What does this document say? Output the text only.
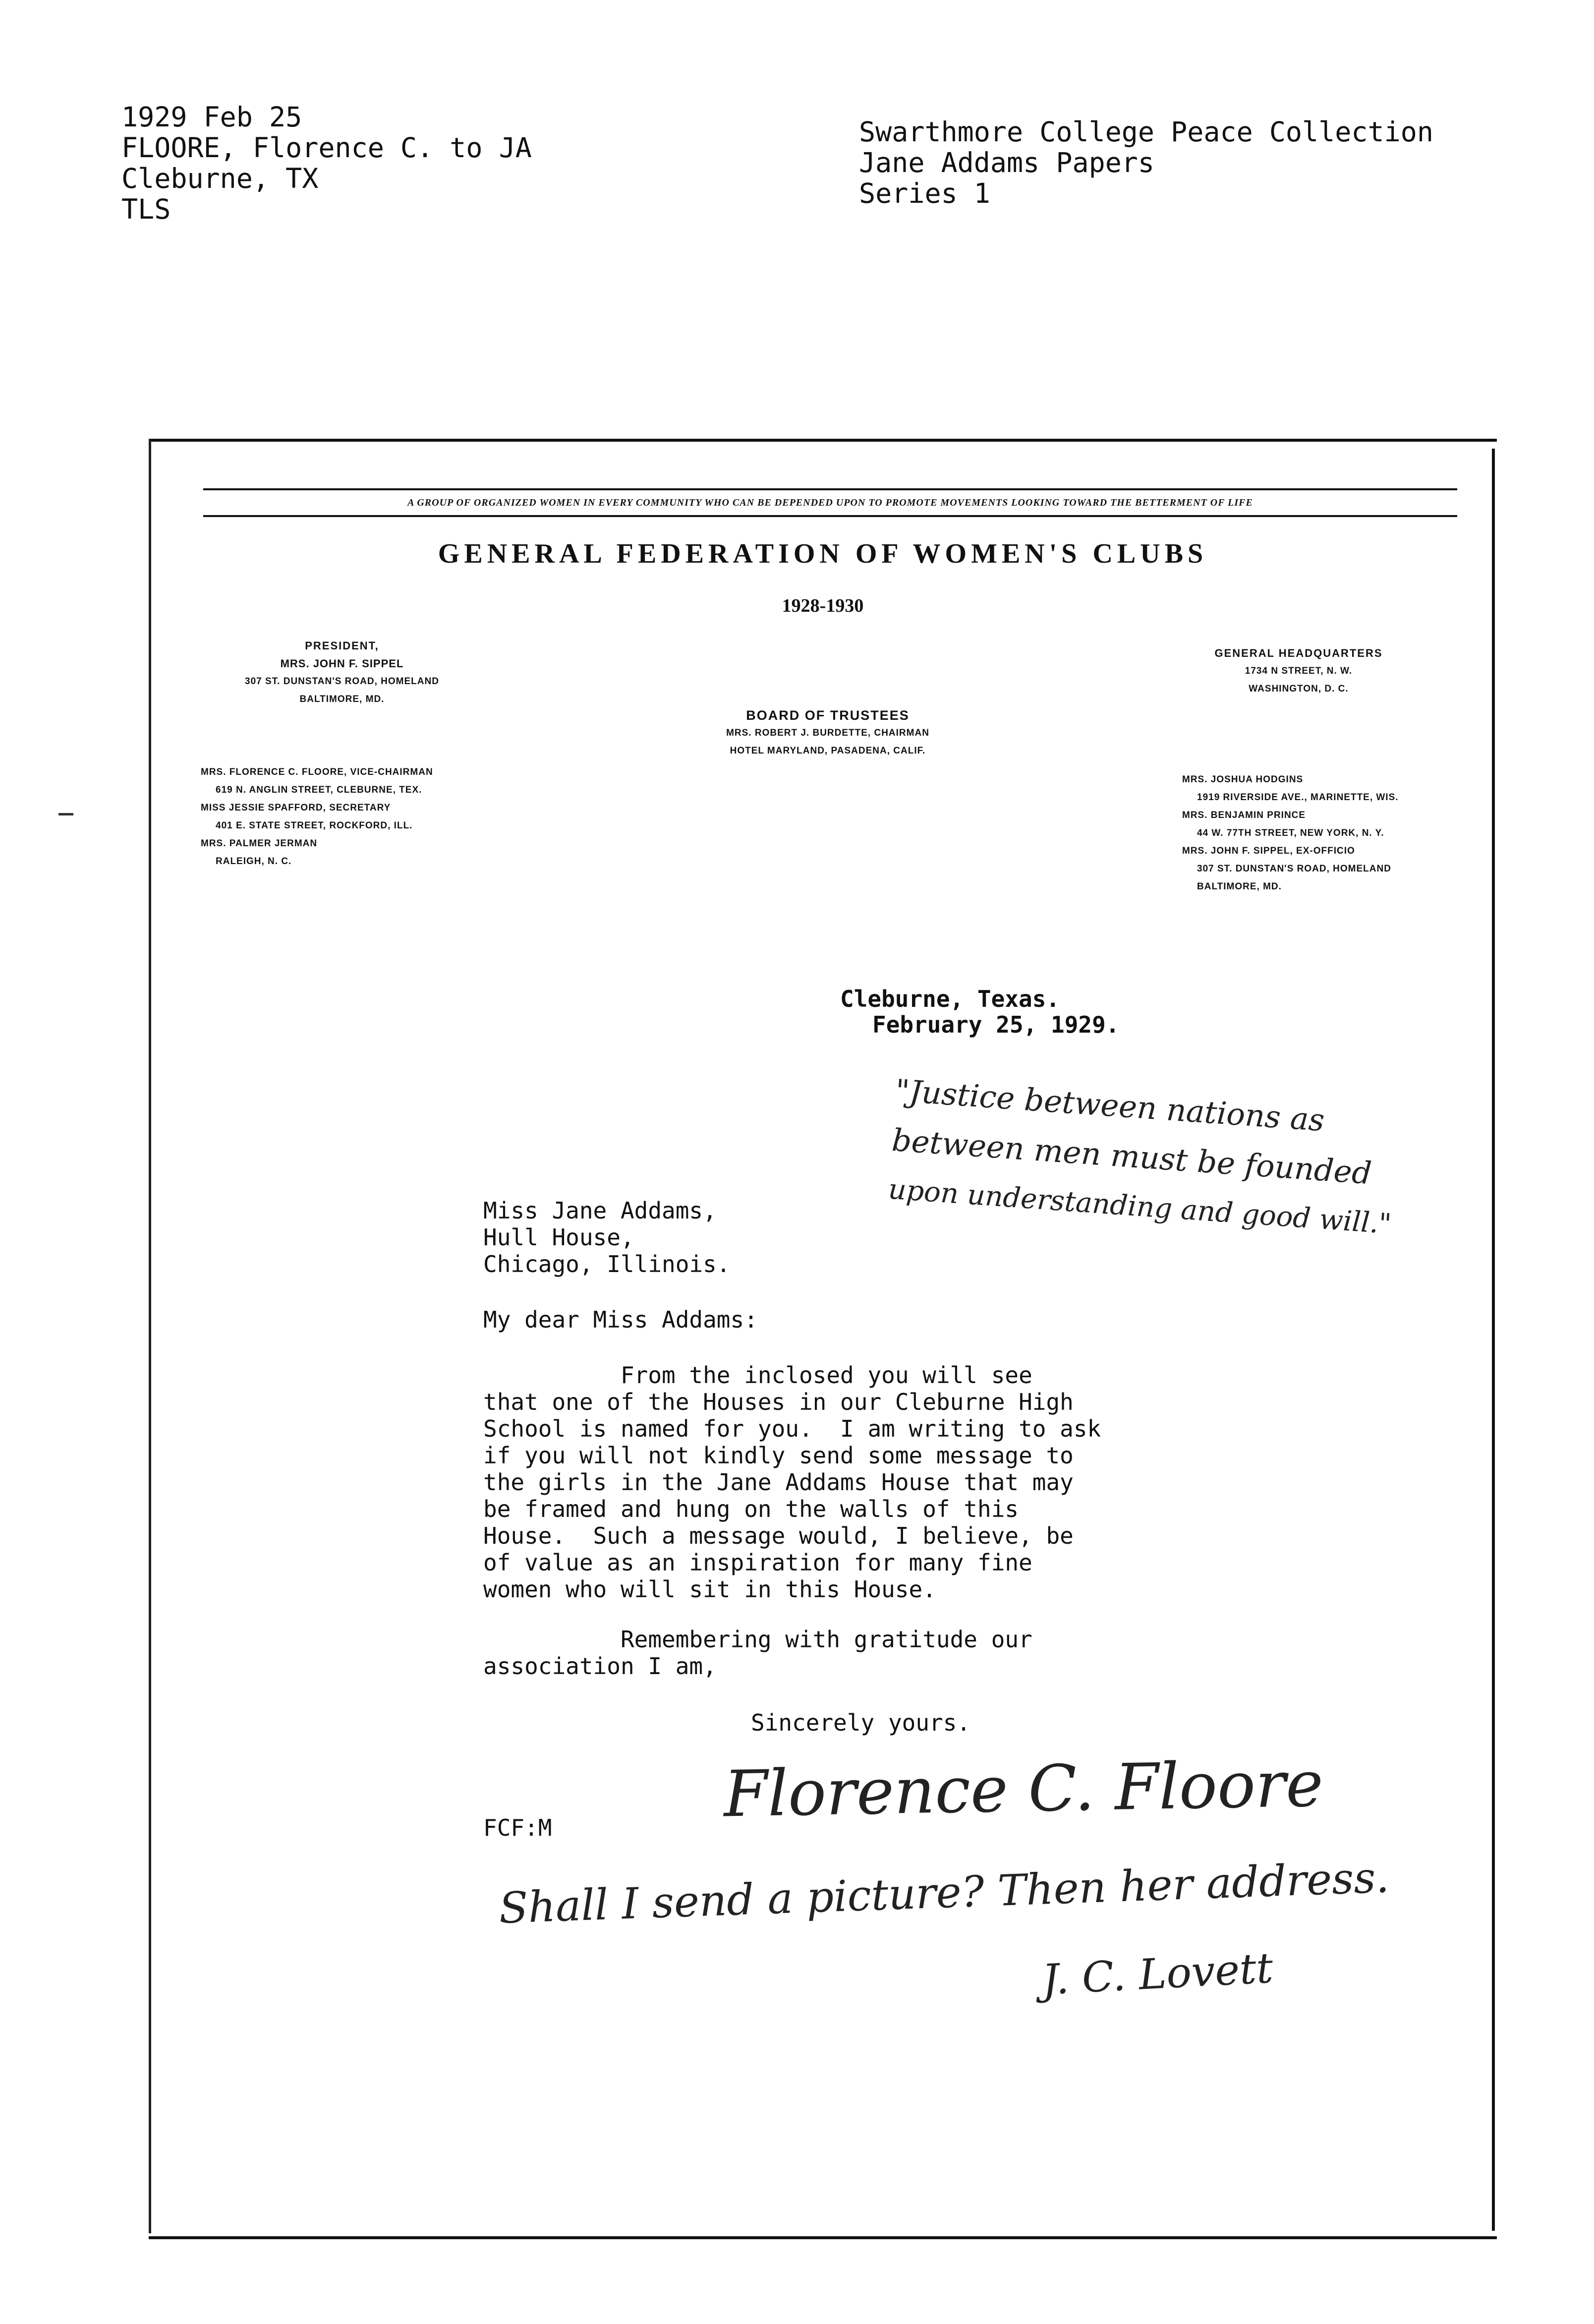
1929 Feb 25
FLOORE, Florence C. to JA
Cleburne, TX
TLS
Swarthmore College Peace Collection
Jane Addams Papers
Series 1
A GROUP OF ORGANIZED WOMEN IN EVERY COMMUNITY WHO CAN BE DEPENDED UPON TO PROMOTE MOVEMENTS LOOKING TOWARD THE BETTERMENT OF LIFE
GENERAL FEDERATION OF WOMEN'S CLUBS
1928-1930
PRESIDENT,
MRS. JOHN F. SIPPEL
307 ST. DUNSTAN'S ROAD, HOMELAND
BALTIMORE, MD.
GENERAL HEADQUARTERS
1734 N STREET, N. W.
WASHINGTON, D. C.
BOARD OF TRUSTEES
MRS. ROBERT J. BURDETTE, CHAIRMAN
HOTEL MARYLAND, PASADENA, CALIF.
MRS. FLORENCE C. FLOORE, VICE-CHAIRMAN
619 N. ANGLIN STREET, CLEBURNE, TEX.
MISS JESSIE SPAFFORD, SECRETARY
401 E. STATE STREET, ROCKFORD, ILL.
MRS. PALMER JERMAN
RALEIGH, N. C.
MRS. JOSHUA HODGINS
1919 RIVERSIDE AVE., MARINETTE, WIS.
MRS. BENJAMIN PRINCE
44 W. 77TH STREET, NEW YORK, N. Y.
MRS. JOHN F. SIPPEL, EX-OFFICIO
307 ST. DUNSTAN'S ROAD, HOMELAND
BALTIMORE, MD.
Cleburne, Texas.
February 25, 1929.
Miss Jane Addams,
Hull House,
Chicago, Illinois.
My dear Miss Addams:
From the inclosed you will see
that one of the Houses in our Cleburne High
School is named for you.  I am writing to ask
if you will not kindly send some message to
the girls in the Jane Addams House that may
be framed and hung on the walls of this
House.  Such a message would, I believe, be
of value as an inspiration for many fine
women who will sit in this House.
Remembering with gratitude our
association I am,
Sincerely yours.
Florence C. Floore
FCF:M
"Justice between nations as
between men must be founded
upon understanding and good will."
Shall I send a picture? Then her address.
J. C. Lovett
